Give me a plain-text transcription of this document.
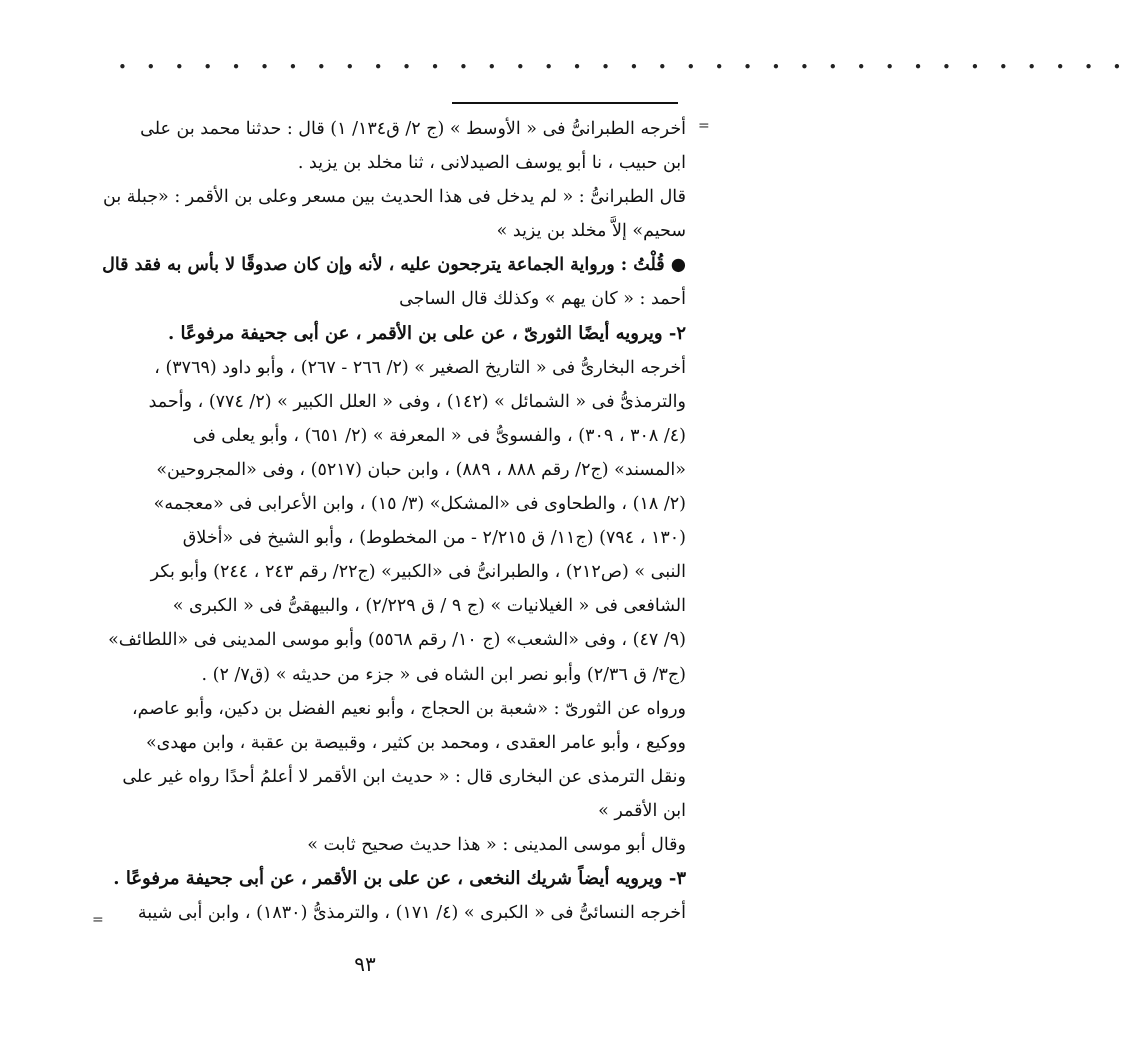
• • • • • • • • • • • • • • • • • • • • • • • • • • • • • • • • • • • •
=
=
أخرجه الطبرانىُّ فى « الأوسط » (ج ٢/ ق١٣٤/ ١) قال : حدثنا محمد بن على
ابن حبيب ، نا أبو يوسف الصيدلانى ، ثنا مخلد بن يزيد .
قال الطبرانىُّ : « لم يدخل فى هذا الحديث بين مسعر وعلى بن الأقمر : «جبلة بن
سحيم» إلاَّ مخلد بن يزيد »
● قُلْتُ : ورواية الجماعة يترجحون عليه ، لأنه وإن كان صدوقًا لا بأس به فقد قال
أحمد : « كان يهم » وكذلك قال الساجى
٢- ويرويه أيضًا الثورىّ ، عن على بن الأقمر ، عن أبى جحيفة مرفوعًا .
أخرجه البخارىُّ فى « التاريخ الصغير » (٢/ ٢٦٦ - ٢٦٧) ، وأبو داود (٣٧٦٩) ،
والترمذىُّ فى « الشمائل » (١٤٢) ، وفى « العلل الكبير » (٢/ ٧٧٤) ، وأحمد
(٤/ ٣٠٨ ، ٣٠٩) ، والفسوىُّ فى « المعرفة » (٢/ ٦٥١) ، وأبو يعلى فى
«المسند» (ج٢/ رقم ٨٨٨ ، ٨٨٩) ، وابن حبان (٥٢١٧) ، وفى «المجروحين»
(٢/ ١٨) ، والطحاوى فى «المشكل» (٣/ ١٥) ، وابن الأعرابى فى «معجمه»
(١٣٠ ، ٧٩٤) (ج١١/ ق ٢/٢١٥ - من المخطوط) ، وأبو الشيخ فى «أخلاق
النبى » (ص٢١٢) ، والطبرانىُّ فى «الكبير» (ج٢٢/ رقم ٢٤٣ ، ٢٤٤) وأبو بكر
الشافعى فى « الغيلانيات » (ج ٩ / ق ٢/٢٢٩) ، والبيهقىُّ فى « الكبرى »
(٩/ ٤٧) ، وفى «الشعب» (ج ١٠/ رقم ٥٥٦٨) وأبو موسى المدينى فى «اللطائف»
(ج٣/ ق ٢/٣٦) وأبو نصر ابن الشاه فى « جزء من حديثه » (ق٧/ ٢) .
ورواه عن الثورىّ : «شعبة بن الحجاج ، وأبو نعيم الفضل بن دكين، وأبو عاصم،
ووكيع ، وأبو عامر العقدى ، ومحمد بن كثير ، وقبيصة بن عقبة ، وابن مهدى»
ونقل الترمذى عن البخارى قال : « حديث ابن الأقمر لا أعلمُ أحدًا رواه غير على
ابن الأقمر »
وقال أبو موسى المدينى : « هذا حديث صحيح ثابت »
٣- ويرويه أيضاً شريك النخعى ، عن على بن الأقمر ، عن أبى جحيفة مرفوعًا .
أخرجه النسائىُّ فى « الكبرى » (٤/ ١٧١) ، والترمذىُّ (١٨٣٠) ، وابن أبى شيبة
٩٣
